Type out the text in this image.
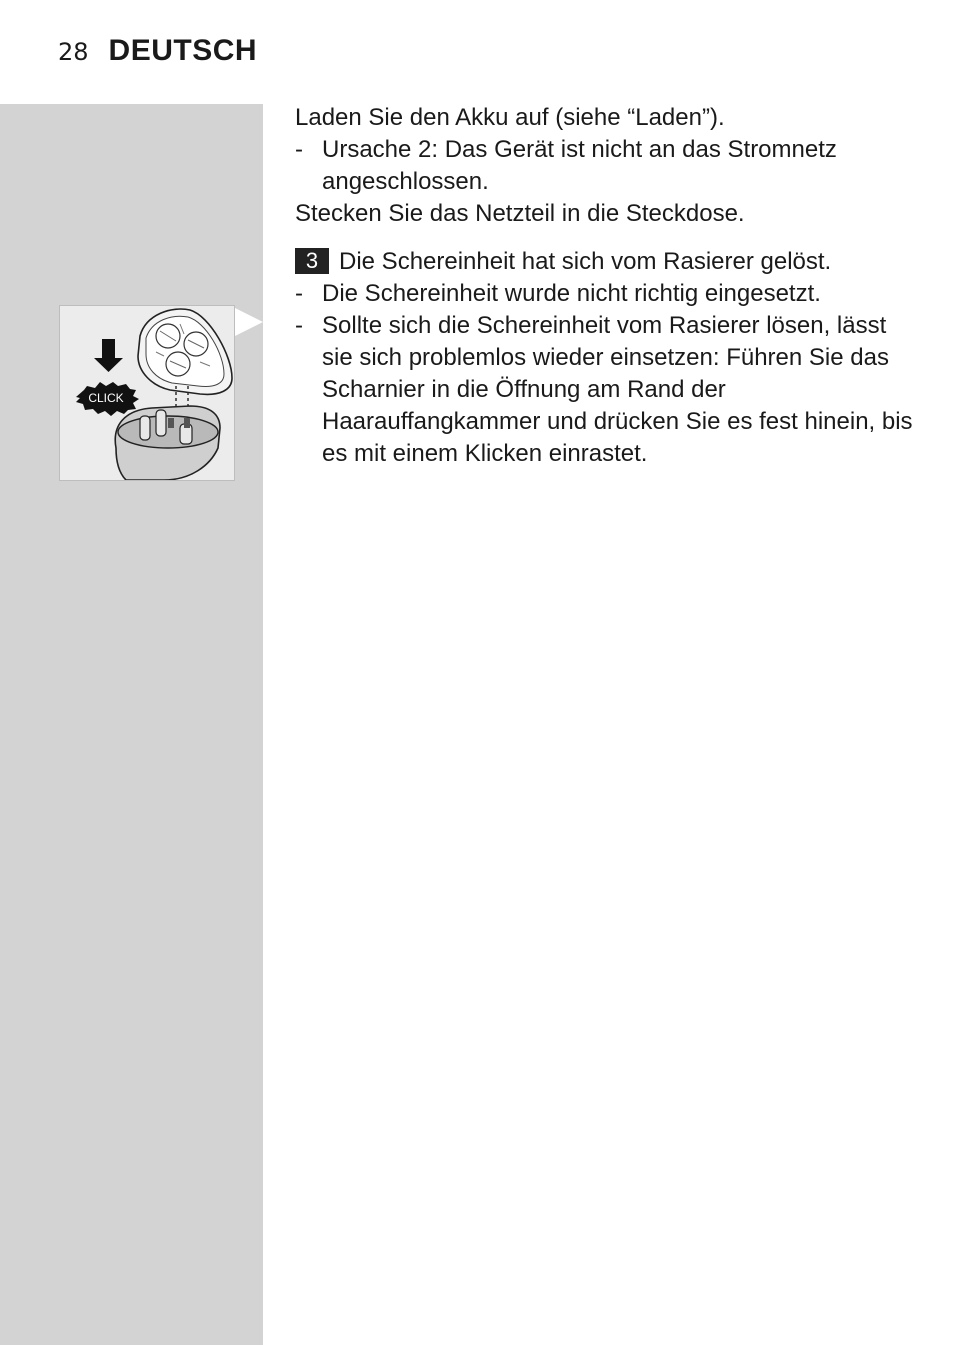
28 DEUTSCH
CLICK

Laden Sie den Akku auf (siehe “Laden”).

- Ursache 2: Das Gerät ist nicht an das Stromnetz angeschlossen.

Stecken Sie das Netzteil in die Steckdose.

3 Die Schereinheit hat sich vom Rasierer gelöst.

- Die Schereinheit wurde nicht richtig eingesetzt.
- Sollte sich die Schereinheit vom Rasierer lösen, lässt sie sich problemlos wieder einsetzen: Führen Sie das Scharnier in die Öffnung am Rand der Haarauffangkammer und drücken Sie es fest hinein, bis es mit einem Klicken einrastet.
